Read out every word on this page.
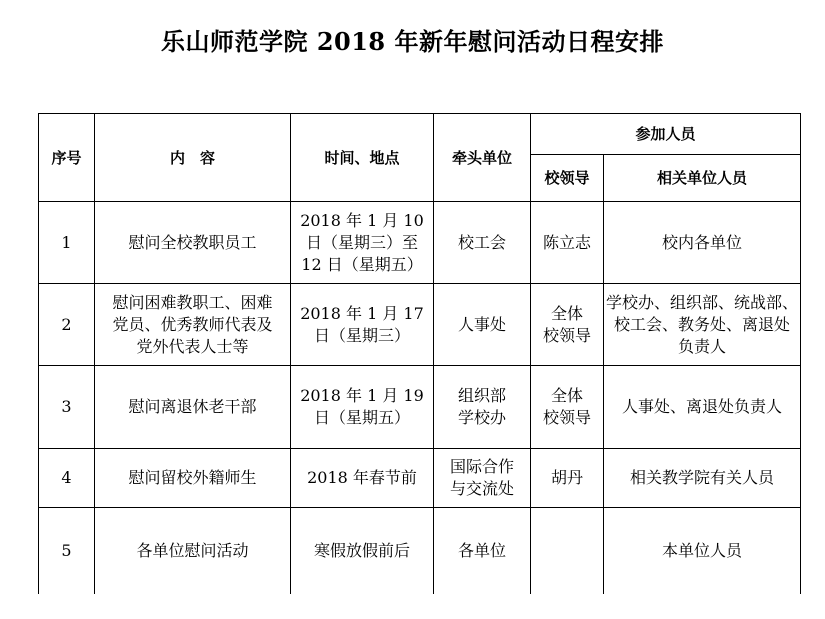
乐山师范学院 2018 年新年慰问活动日程安排
序号	内　容	时间、地点	牵头单位	参加人员	
				校领导	相关单位人员
1	慰问全校教职员工	2018 年 1 月 10
日（星期三）至
12 日（星期五）	校工会	陈立志	校内各单位

2	慰问困难教职工、困难
党员、优秀教师代表及
党外代表人士等	2018 年 1 月 17
日（星期三）	人事处	全体
校领导	学校办、组织部、统战部、
校工会、教务处、离退处
负责人

3	慰问离退休老干部	2018 年 1 月 19
日（星期五）	组织部
学校办	全体
校领导	人事处、离退处负责人

4	慰问留校外籍师生	2018 年春节前	国际合作
与交流处	胡丹	相关教学院有关人员

5	各单位慰问活动	寒假放假前后	各单位		本单位人员
